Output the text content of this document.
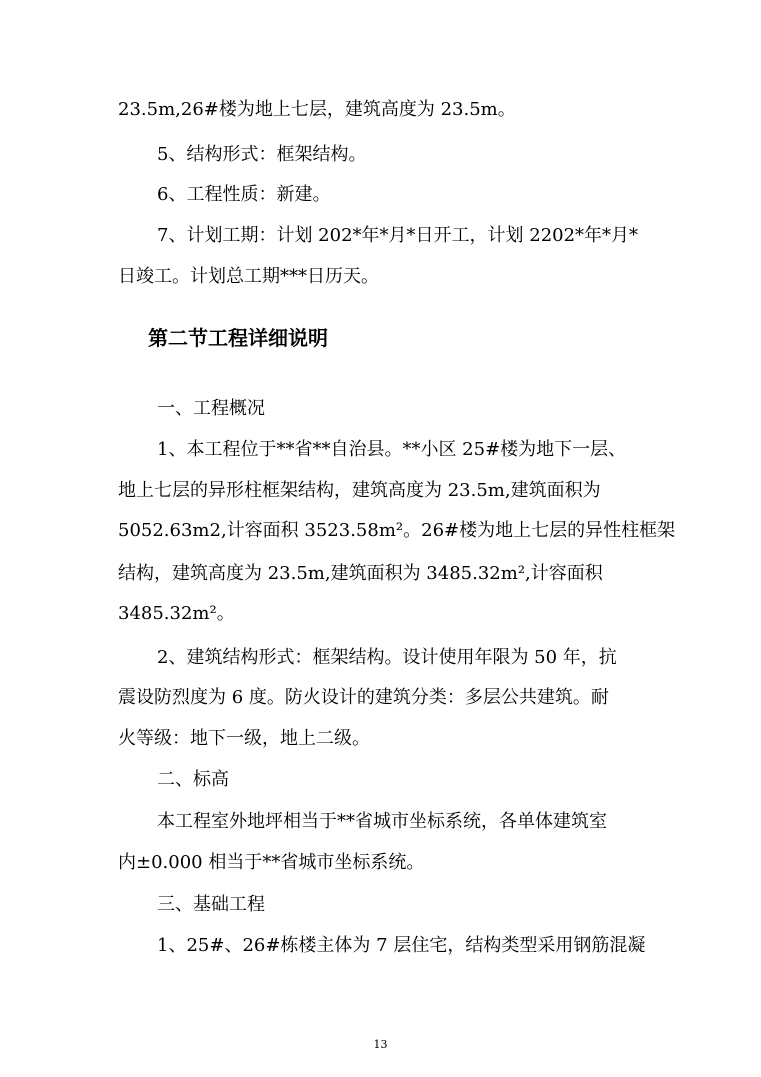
23.5m,26#楼为地上七层，建筑高度为 23.5m。
5、结构形式：框架结构。
6、工程性质：新建。
7、计划工期：计划 202*年*月*日开工，计划 2202*年*月*
日竣工。计划总工期***日历天。
第二节工程详细说明
一、工程概况
1、本工程位于**省**自治县。**小区 25#楼为地下一层、
地上七层的异形柱框架结构，建筑高度为 23.5m,建筑面积为
5052.63m2,计容面积 3523.58m²。26#楼为地上七层的异性柱框架
结构，建筑高度为 23.5m,建筑面积为 3485.32m²,计容面积
3485.32m²。
2、建筑结构形式：框架结构。设计使用年限为 50 年，抗
震设防烈度为 6 度。防火设计的建筑分类：多层公共建筑。耐
火等级：地下一级，地上二级。
二、标高
本工程室外地坪相当于**省城市坐标系统，各单体建筑室
内±0.000 相当于**省城市坐标系统。
三、基础工程
1、25#、26#栋楼主体为 7 层住宅，结构类型采用钢筋混凝
13
